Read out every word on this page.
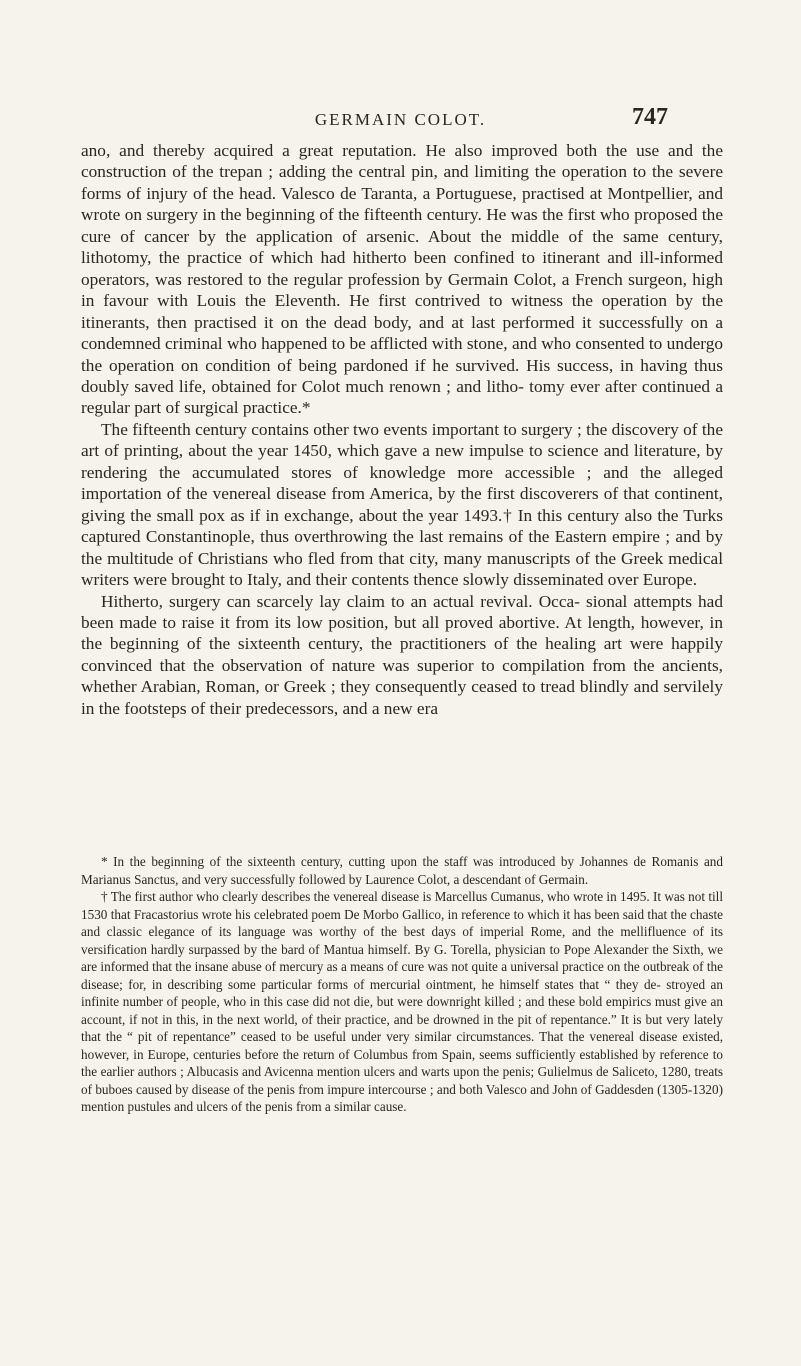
GERMAIN COLOT.	747

ano, and thereby acquired a great reputation. He also improved both the use and the construction of the trepan ; adding the central pin, and limiting the operation to the severe forms of injury of the head. Valesco de Taranta, a Portuguese, practised at Montpellier, and wrote on surgery in the beginning of the fifteenth century. He was the first who proposed the cure of cancer by the application of arsenic. About the middle of the same century, lithotomy, the practice of which had hitherto been confined to itinerant and ill-informed operators, was restored to the regular profession by Germain Colot, a French surgeon, high in favour with Louis the Eleventh. He first contrived to witness the operation by the itinerants, then practised it on the dead body, and at last performed it successfully on a condemned criminal who happened to be afflicted with stone, and who consented to undergo the operation on condition of being pardoned if he survived. His success, in having thus doubly saved life, obtained for Colot much renown ; and litho- tomy ever after continued a regular part of surgical practice.*

The fifteenth century contains other two events important to surgery ; the discovery of the art of printing, about the year 1450, which gave a new impulse to science and literature, by rendering the accumulated stores of knowledge more accessible ; and the alleged importation of the venereal disease from America, by the first discoverers of that continent, giving the small pox as if in exchange, about the year 1493.† In this century also the Turks captured Constantinople, thus overthrowing the last remains of the Eastern empire ; and by the multitude of Christians who fled from that city, many manuscripts of the Greek medical writers were brought to Italy, and their contents thence slowly disseminated over Europe.

Hitherto, surgery can scarcely lay claim to an actual revival. Occa- sional attempts had been made to raise it from its low position, but all proved abortive. At length, however, in the beginning of the sixteenth century, the practitioners of the healing art were happily convinced that the observation of nature was superior to compilation from the ancients, whether Arabian, Roman, or Greek ; they consequently ceased to tread blindly and servilely in the footsteps of their predecessors, and a new era

* In the beginning of the sixteenth century, cutting upon the staff was introduced by Johannes de Romanis and Marianus Sanctus, and very successfully followed by Laurence Colot, a descendant of Germain.

† The first author who clearly describes the venereal disease is Marcellus Cumanus, who wrote in 1495. It was not till 1530 that Fracastorius wrote his celebrated poem De Morbo Gallico, in reference to which it has been said that the chaste and classic elegance of its language was worthy of the best days of imperial Rome, and the mellifluence of its versification hardly surpassed by the bard of Mantua himself. By G. Torella, physician to Pope Alexander the Sixth, we are informed that the insane abuse of mercury as a means of cure was not quite a universal practice on the outbreak of the disease; for, in describing some particular forms of mercurial ointment, he himself states that “ they de- stroyed an infinite number of people, who in this case did not die, but were downright killed ; and these bold empirics must give an account, if not in this, in the next world, of their practice, and be drowned in the pit of repentance.” It is but very lately that the “ pit of repentance” ceased to be useful under very similar circumstances. That the venereal disease existed, however, in Europe, centuries before the return of Columbus from Spain, seems sufficiently established by reference to the earlier authors ; Albucasis and Avicenna mention ulcers and warts upon the penis; Gulielmus de Saliceto, 1280, treats of buboes caused by disease of the penis from impure intercourse ; and both Valesco and John of Gaddesden (1305-1320) mention pustules and ulcers of the penis from a similar cause.
